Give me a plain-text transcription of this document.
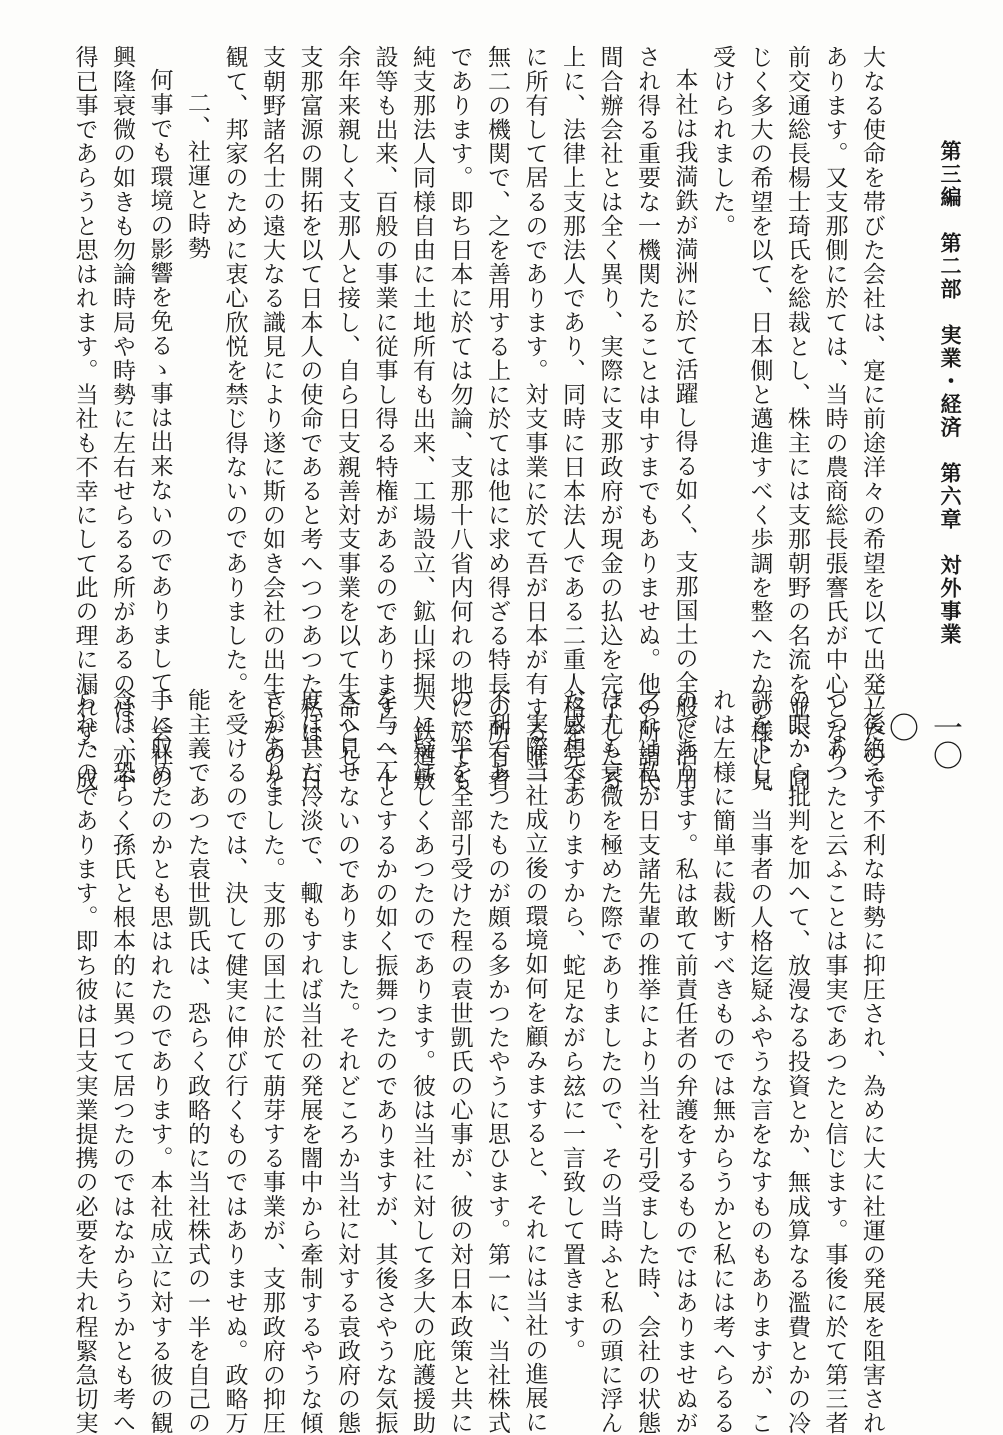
第三編　第二部　実業・経済　第六章　対外事業
一〇〇
大なる使命を帯びた会社は、寔に前途洋々の希望を以て出発したので
あります。又支那側に於ては、当時の農商総長張謇氏が中心となり、
前交通総長楊士琦氏を総裁とし、株主には支那朝野の名流を並べ、同
じく多大の希望を以て、日本側と邁進すべく歩調を整へたかの様に見
受けられました。
本社は我満鉄が満洲に於て活躍し得る如く、支那国土の全般に活用
され得る重要な一機関たることは申すまでもありませぬ。他の所謂民
間合辦会社とは全く異り、実際に支那政府が現金の払込を完了したる
上に、法律上支那法人であり、同時に日本法人である二重人格を完全
に所有して居るのであります。対支事業に於て吾が日本が有する唯一
無二の機関で、之を善用する上に於ては他に求め得ざる特長の所有者
であります。即ち日本に於ては勿論、支那十八省内何れの地に於ても
純支那法人同様自由に土地所有も出来、工場設立、鉱山採掘、鉄道敷
設等も出来、百般の事業に従事し得る特権があるのであります。二十
余年来親しく支那人と接し、自ら日支親善対支事業を以て生命とし、
支那富源の開拓を以て日本人の使命であると考へつつあつた私は、日
支朝野諸名士の遠大なる識見により遂に斯の如き会社の出生したのを
観て、邦家のために衷心欣悦を禁じ得ないのでありました。
二、社運と時勢
何事でも環境の影響を免るゝ事は出来ないのでありまして、会社の
興隆衰微の如きも勿論時局や時勢に左右せらるる所があるのは、亦不
得已事であらうと思はれます。当社も不幸にして此の理に漏れず、成
立後絶えず不利な時勢に抑圧され、為めに大に社運の発展を阻害され
つつあつたと云ふことは事実であつたと信じます。事後に於て第三者
の眼から批判を加へて、放漫なる投資とか、無成算なる濫費とかの冷
評を下し、当事者の人格迄疑ふやうな言をなすものもありますが、こ
れは左様に簡単に裁断すべきものでは無からうかと私には考へらるる
のであります。私は敢て前責任者の弁護をするものではありませぬが
之れは私が日支諸先輩の推挙により当社を引受ました時、会社の状態
は尤も衰微を極めた際でありましたので、その当時ふと私の頭に浮ん
だ感想でありますから、蛇足ながら玆に一言致して置きます。
実際当社成立後の環境如何を顧みますると、それには当社の進展に
不利であつたものが頗る多かつたやうに思ひます。第一に、当社株式
の一半を全部引受けた程の袁世凱氏の心事が、彼の対日本政策と共に
大に疑はしくあつたのであります。彼は当社に対して多大の庇護援助
を与へんとするかの如く振舞つたのでありますが、其後さやうな気振
さへ見せないのでありました。それどころか当社に対する袁政府の態
度は甚だ冷淡で、輙もすれば当社の発展を闇中から牽制するやうな傾
きがありました。支那の国土に於て萠芽する事業が、支那政府の抑圧
を受けるのでは、決して健実に伸び行くものではありませぬ。政略万
能主義であつた袁世凱氏は、恐らく政略的に当社株式の一半を自己の
手に収めたのかとも思はれたのであります。本社成立に対する彼の観
念は、恐らく孫氏と根本的に異つて居つたのではなからうかとも考へ
られたのであります。即ち彼は日支実業提携の必要を夫れ程緊急切実
